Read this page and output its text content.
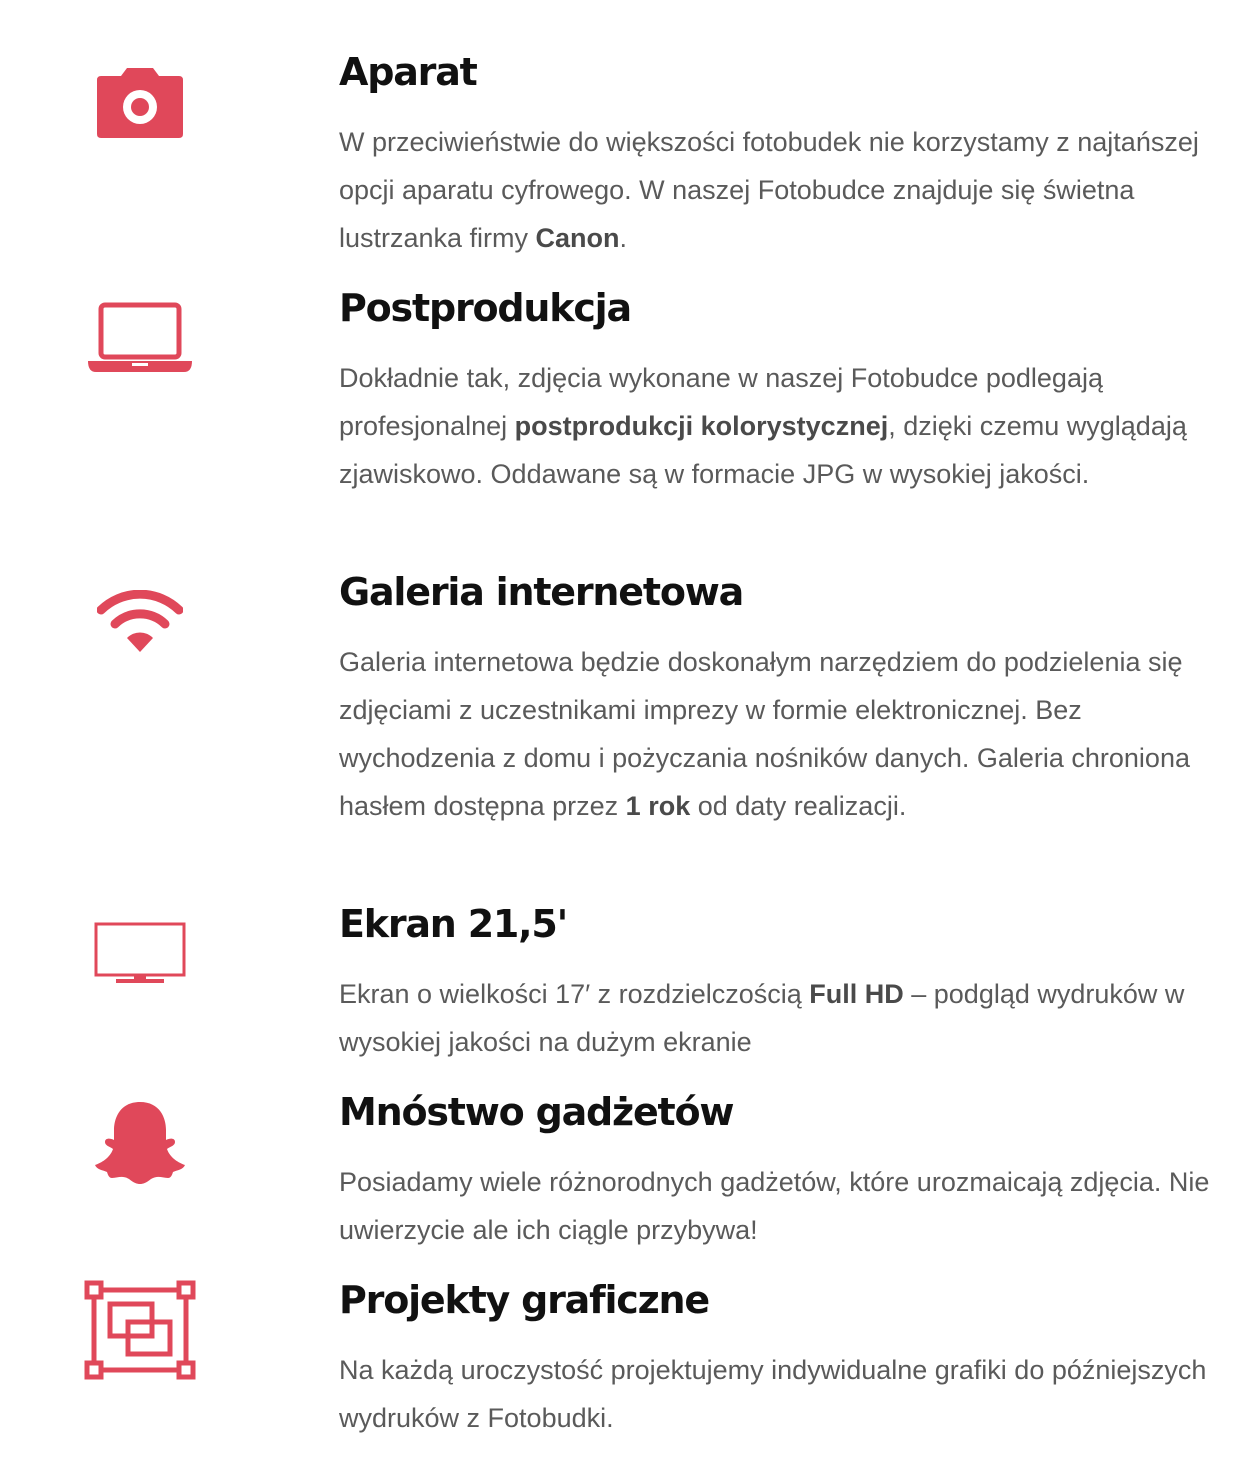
Aparat

W przeciwieństwie do większości fotobudek nie korzystamy z najtańszej opcji aparatu cyfrowego. W naszej Fotobudce znajduje się świetna lustrzanka firmy Canon.

Postprodukcja

Dokładnie tak, zdjęcia wykonane w naszej Fotobudce podlegają profesjonalnej postprodukcji kolorystycznej, dzięki czemu wyglądają zjawiskowo. Oddawane są w formacie JPG w wysokiej jakości.

Galeria internetowa

Galeria internetowa będzie doskonałym narzędziem do podzielenia się zdjęciami z uczestnikami imprezy w formie elektronicznej. Bez wychodzenia z domu i pożyczania nośników danych. Galeria chroniona hasłem dostępna przez 1 rok od daty realizacji.

Ekran 21,5'

Ekran o wielkości 17′ z rozdzielczością Full HD – podgląd wydruków w wysokiej jakości na dużym ekranie

Mnóstwo gadżetów

Posiadamy wiele różnorodnych gadżetów, które urozmaicają zdjęcia. Nie uwierzycie ale ich ciągle przybywa!

Projekty graficzne

Na każdą uroczystość projektujemy indywidualne grafiki do późniejszych wydruków z Fotobudki.
